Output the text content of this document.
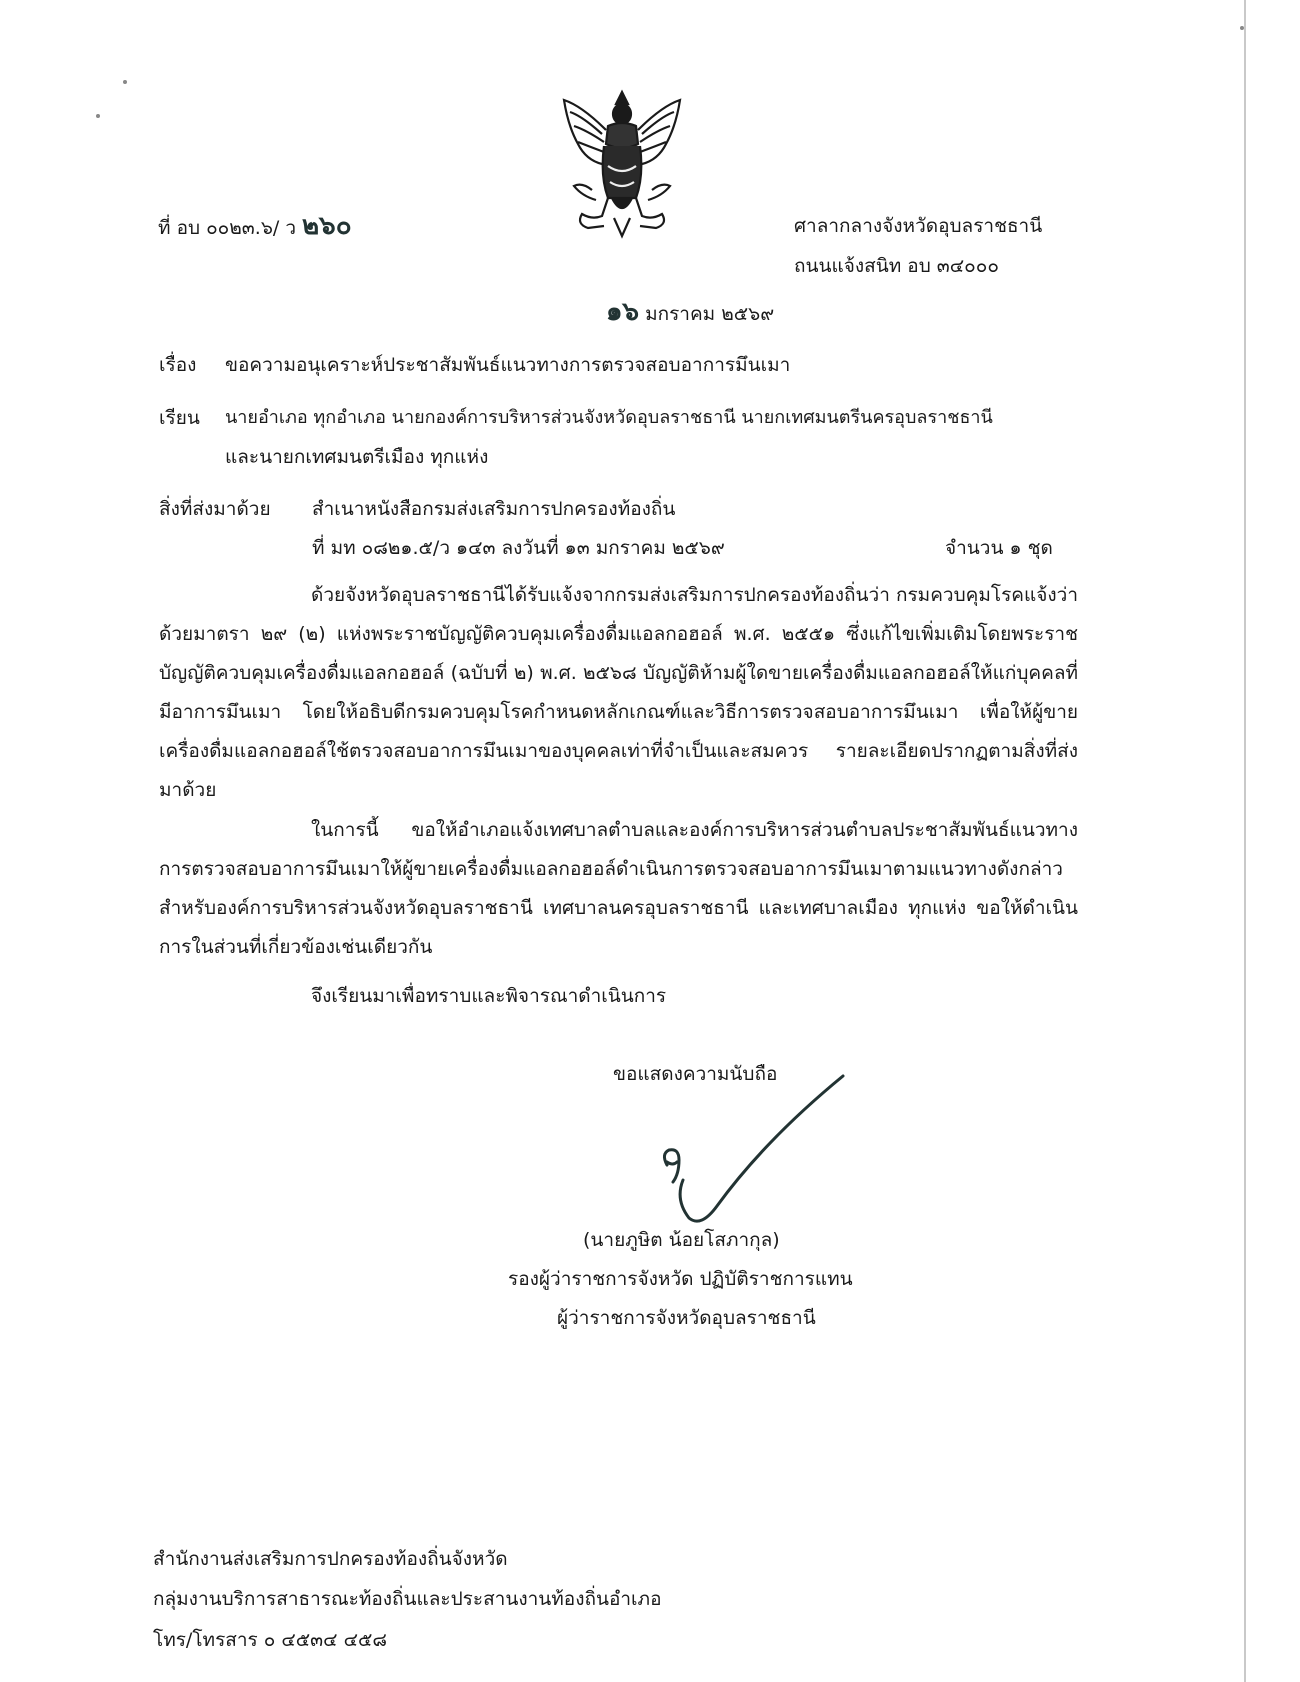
ที่ อบ ๐๐๒๓.๖/ ว ๒๖๐	ศาลากลางจังหวัดอุบลราชธานี
ถนนแจ้งสนิท อบ ๓๔๐๐๐
๑๖ มกราคม ๒๕๖๙
เรื่อง ขอความอนุเคราะห์ประชาสัมพันธ์แนวทางการตรวจสอบอาการมึนเมา
เรียน นายอำเภอ ทุกอำเภอ นายกองค์การบริหารส่วนจังหวัดอุบลราชธานี นายกเทศมนตรีนครอุบลราชธานี
และนายกเทศมนตรีเมือง ทุกแห่ง
สิ่งที่ส่งมาด้วย สำเนาหนังสือกรมส่งเสริมการปกครองท้องถิ่น
ที่ มท ๐๘๒๑.๕/ว ๑๔๓ ลงวันที่ ๑๓ มกราคม ๒๕๖๙	จำนวน ๑ ชุด
ด้วยจังหวัดอุบลราชธานีได้รับแจ้งจากกรมส่งเสริมการปกครองท้องถิ่นว่า กรมควบคุมโรคแจ้งว่า ด้วยมาตรา ๒๙ (๒) แห่งพระราชบัญญัติควบคุมเครื่องดื่มแอลกอฮอล์ พ.ศ. ๒๕๕๑ ซึ่งแก้ไขเพิ่มเติมโดยพระราชบัญญัติควบคุมเครื่องดื่มแอลกอฮอล์ (ฉบับที่ ๒) พ.ศ. ๒๕๖๘ บัญญัติห้ามผู้ใดขายเครื่องดื่มแอลกอฮอล์ให้แก่บุคคลที่มีอาการมึนเมา โดยให้อธิบดีกรมควบคุมโรคกำหนดหลักเกณฑ์และวิธีการตรวจสอบอาการมึนเมา เพื่อให้ผู้ขายเครื่องดื่มแอลกอฮอล์ใช้ตรวจสอบอาการมึนเมาของบุคคลเท่าที่จำเป็นและสมควร รายละเอียดปรากฏตามสิ่งที่ส่งมาด้วย
ในการนี้ ขอให้อำเภอแจ้งเทศบาลตำบลและองค์การบริหารส่วนตำบลประชาสัมพันธ์แนวทางการตรวจสอบอาการมึนเมาให้ผู้ขายเครื่องดื่มแอลกอฮอล์ดำเนินการตรวจสอบอาการมึนเมาตามแนวทางดังกล่าว สำหรับองค์การบริหารส่วนจังหวัดอุบลราชธานี เทศบาลนครอุบลราชธานี และเทศบาลเมือง ทุกแห่ง ขอให้ดำเนินการในส่วนที่เกี่ยวข้องเช่นเดียวกัน
จึงเรียนมาเพื่อทราบและพิจารณาดำเนินการ
ขอแสดงความนับถือ
(นายภูษิต น้อยโสภากุล)
รองผู้ว่าราชการจังหวัด ปฏิบัติราชการแทน
ผู้ว่าราชการจังหวัดอุบลราชธานี
สำนักงานส่งเสริมการปกครองท้องถิ่นจังหวัด
กลุ่มงานบริการสาธารณะท้องถิ่นและประสานงานท้องถิ่นอำเภอ
โทร/โทรสาร ๐ ๔๕๓๔ ๔๕๘
